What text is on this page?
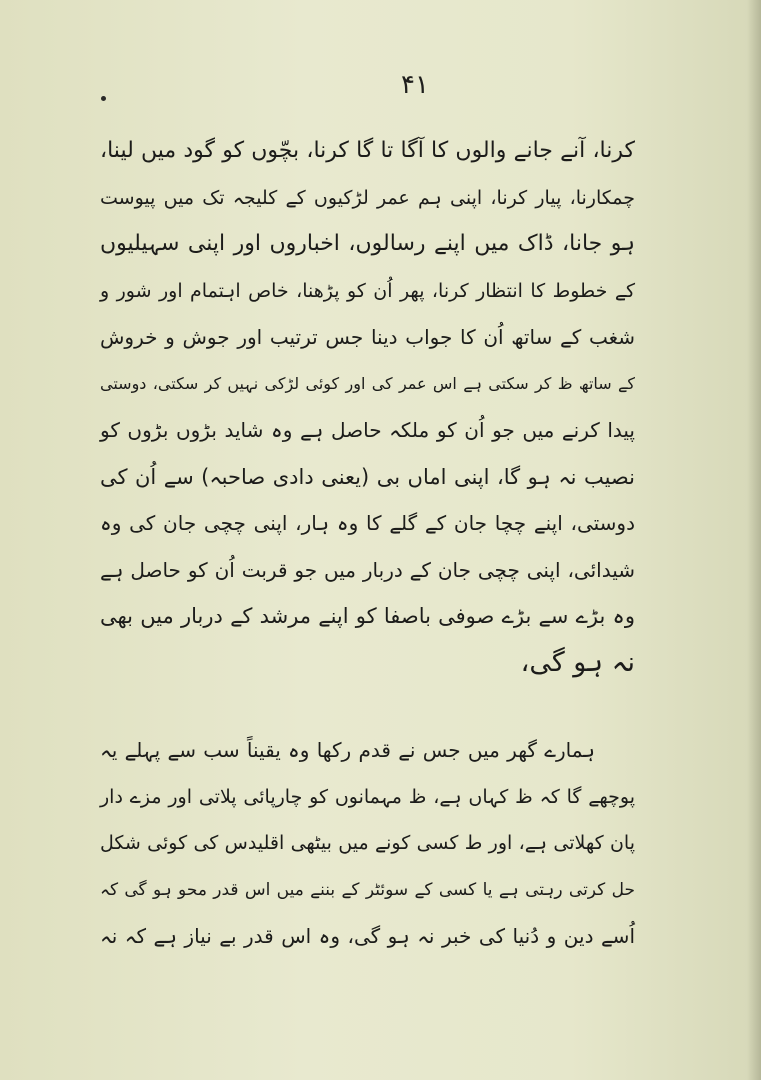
۴۱
کرنا، آنے جانے والوں کا آگا تا گا کرنا، بچّوں کو گود میں لینا،
چمکارنا، پیار کرنا، اپنی ہم عمر لڑکیوں کے کلیجہ تک میں پیوست
ہو جانا، ڈاک میں اپنے رسالوں، اخباروں اور اپنی سہیلیوں
کے خطوط کا انتظار کرنا، پھر اُن کو پڑھنا، خاص اہتمام اور شور و
شغب کے ساتھ اُن کا جواب دینا جس ترتیب اور جوش و خروش
کے ساتھ ظ کر سکتی ہے اس عمر کی اور کوئی لڑکی نہیں کر سکتی، دوستی
پیدا کرنے میں جو اُن کو ملکہ حاصل ہے وہ شاید بڑوں بڑوں کو
نصیب نہ ہو گا، اپنی اماں بی (یعنی دادی صاحبہ) سے اُن کی
دوستی، اپنے چچا جان کے گلے کا وہ ہار، اپنی چچی جان کی وہ
شیدائی، اپنی چچی جان کے دربار میں جو قربت اُن کو حاصل ہے
وہ بڑے سے بڑے صوفی باصفا کو اپنے مرشد کے دربار میں بھی
نہ ہو گی،
ہمارے گھر میں جس نے قدم رکھا وہ یقیناً سب سے پہلے یہ
پوچھے گا کہ ظ کہاں ہے، ظ مہمانوں کو چارپائی پلاتی اور مزے دار
پان کھلاتی ہے، اور ط کسی کونے میں بیٹھی اقلیدس کی کوئی شکل
حل کرتی رہتی ہے یا کسی کے سوئٹر کے بننے میں اس قدر محو ہو گی کہ
اُسے دین و دُنیا کی خبر نہ ہو گی، وہ اس قدر بے نیاز ہے کہ نہ
